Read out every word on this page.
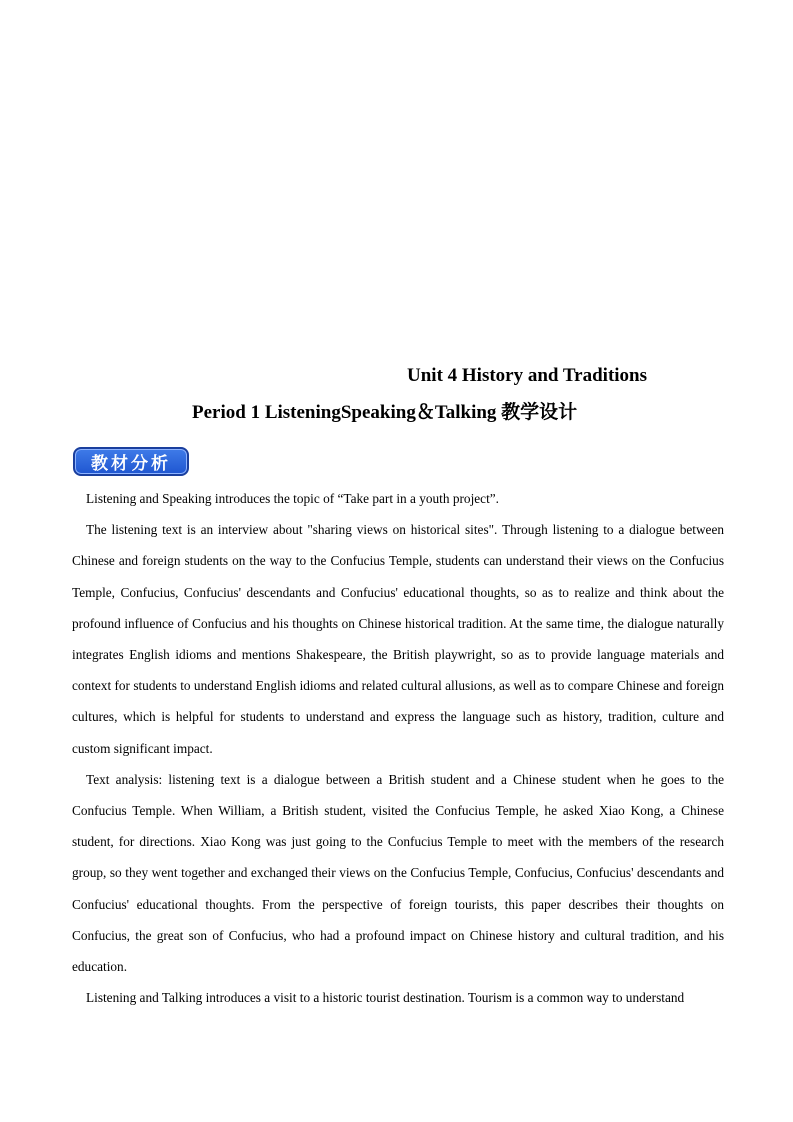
Unit 4 History and Traditions
Period 1 ListeningSpeaking＆Talking 教学设计
教材分析

Listening and Speaking introduces the topic of “Take part in a youth project”.

The listening text is an interview about "sharing views on historical sites". Through listening to a dialogue between Chinese and foreign students on the way to the Confucius Temple, students can understand their views on the Confucius Temple, Confucius, Confucius' descendants and Confucius' educational thoughts, so as to realize and think about the profound influence of Confucius and his thoughts on Chinese historical tradition. At the same time, the dialogue naturally integrates English idioms and mentions Shakespeare, the British playwright, so as to provide language materials and context for students to understand English idioms and related cultural allusions, as well as to compare Chinese and foreign cultures, which is helpful for students to understand and express the language such as history, tradition, culture and custom significant impact.

Text analysis: listening text is a dialogue between a British student and a Chinese student when he goes to the Confucius Temple. When William, a British student, visited the Confucius Temple, he asked Xiao Kong, a Chinese student, for directions. Xiao Kong was just going to the Confucius Temple to meet with the members of the research group, so they went together and exchanged their views on the Confucius Temple, Confucius, Confucius' descendants and Confucius' educational thoughts. From the perspective of foreign tourists, this paper describes their thoughts on Confucius, the great son of Confucius, who had a profound impact on Chinese history and cultural tradition, and his education.

Listening and Talking introduces a visit to a historic tourist destination. Tourism is a common way to understand
